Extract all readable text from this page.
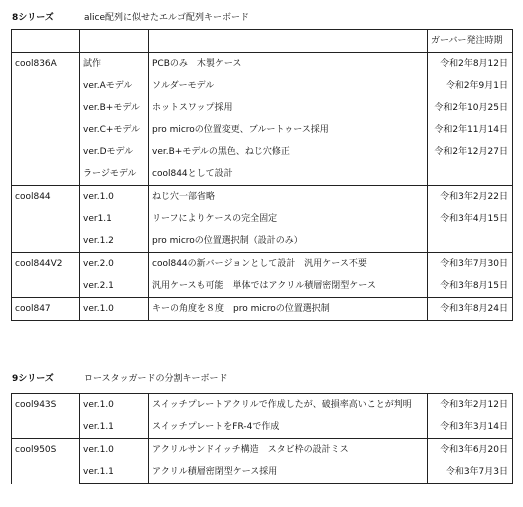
8シリーズ	alice配列に似せたエルゴ配列キーボード
			ガーバー発注時期
cool836A	試作	PCBのみ　木製ケース	令和2年8月12日
	ver.Aモデル	ソルダーモデル	令和2年9月1日
	ver.B+モデル	ホットスワップ採用	令和2年10月25日
	ver.C+モデル	pro microの位置変更、ブルートゥース採用	令和2年11月14日
	ver.Dモデル	ver.B+モデルの黒色、ねじ穴修正	令和2年12月27日
	ラージモデル	cool844として設計	
cool844	ver.1.0	ねじ穴一部省略	令和3年2月22日
	ver1.1	リーフによりケースの完全固定	令和3年4月15日
	ver.1.2	pro microの位置選択制（設計のみ）	
cool844V2	ver.2.0	cool844の新バージョンとして設計　汎用ケース不要	令和3年7月30日
	ver.2.1	汎用ケースも可能　単体ではアクリル積層密閉型ケース	令和3年8月15日
cool847	ver.1.0	キーの角度を８度　pro microの位置選択制	令和3年8月24日
9シリーズ	ロースタッガードの分割キーボード
cool943S	ver.1.0	スイッチプレートアクリルで作成したが、破損率高いことが判明	令和3年2月12日
	ver.1.1	スイッチプレートをFR-4で作成	令和3年3月14日
cool950S	ver.1.0	アクリルサンドイッチ構造　スタビ枠の設計ミス	令和3年6月20日
	ver.1.1	アクリル積層密閉型ケース採用	令和3年7月3日
